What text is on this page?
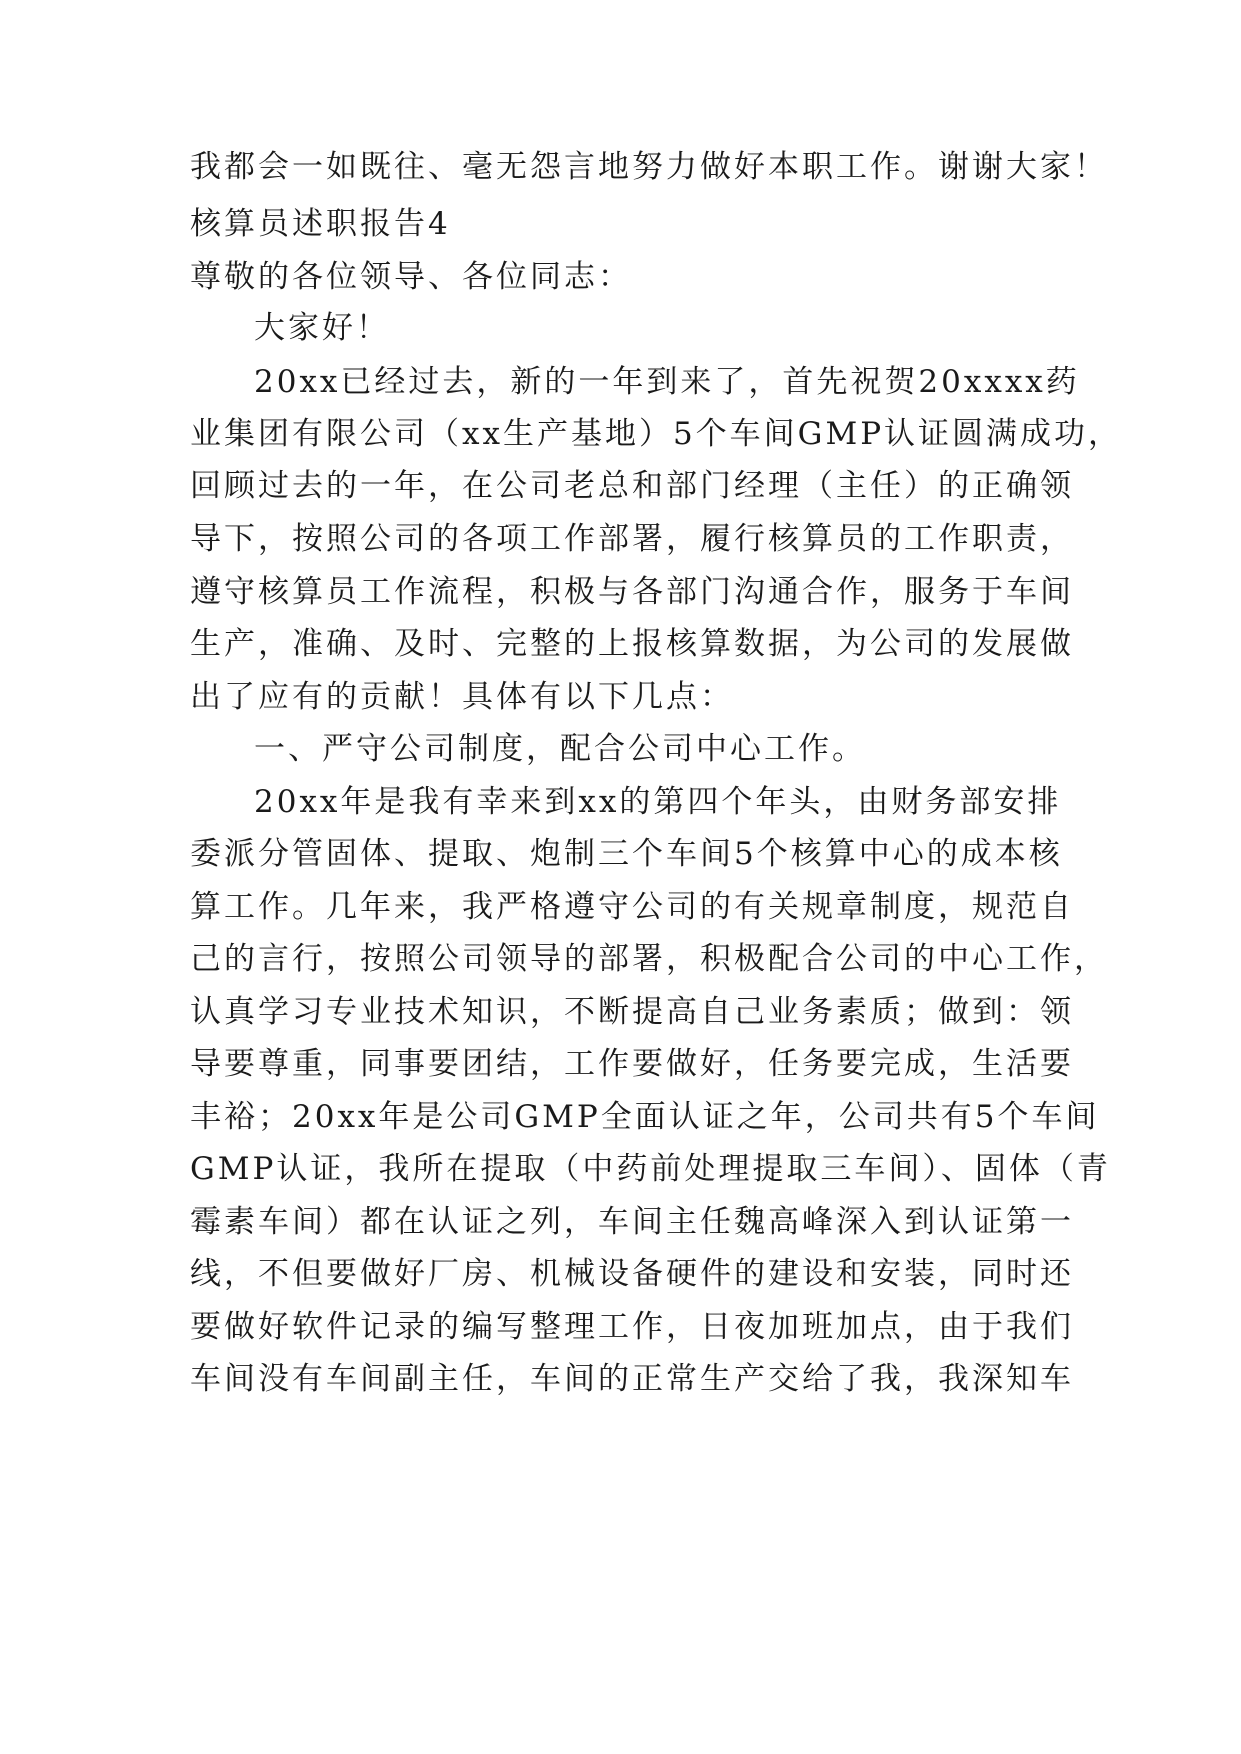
我都会一如既往、毫无怨言地努力做好本职工作。谢谢大家！
核算员述职报告4
尊敬的各位领导、各位同志：
大家好！
20xx已经过去，新的一年到来了，首先祝贺20xxxx药
业集团有限公司（xx生产基地）5个车间GMP认证圆满成功，
回顾过去的一年，在公司老总和部门经理（主任）的正确领
导下，按照公司的各项工作部署，履行核算员的工作职责，
遵守核算员工作流程，积极与各部门沟通合作，服务于车间
生产，准确、及时、完整的上报核算数据，为公司的发展做
出了应有的贡献！具体有以下几点：
一、严守公司制度，配合公司中心工作。
20xx年是我有幸来到xx的第四个年头，由财务部安排
委派分管固体、提取、炮制三个车间5个核算中心的成本核
算工作。几年来，我严格遵守公司的有关规章制度，规范自
己的言行，按照公司领导的部署，积极配合公司的中心工作，
认真学习专业技术知识，不断提高自己业务素质；做到：领
导要尊重，同事要团结，工作要做好，任务要完成，生活要
丰裕；20xx年是公司GMP全面认证之年，公司共有5个车间
GMP认证，我所在提取（中药前处理提取三车间）、固体（青
霉素车间）都在认证之列，车间主任魏高峰深入到认证第一
线，不但要做好厂房、机械设备硬件的建设和安装，同时还
要做好软件记录的编写整理工作，日夜加班加点，由于我们
车间没有车间副主任，车间的正常生产交给了我，我深知车
